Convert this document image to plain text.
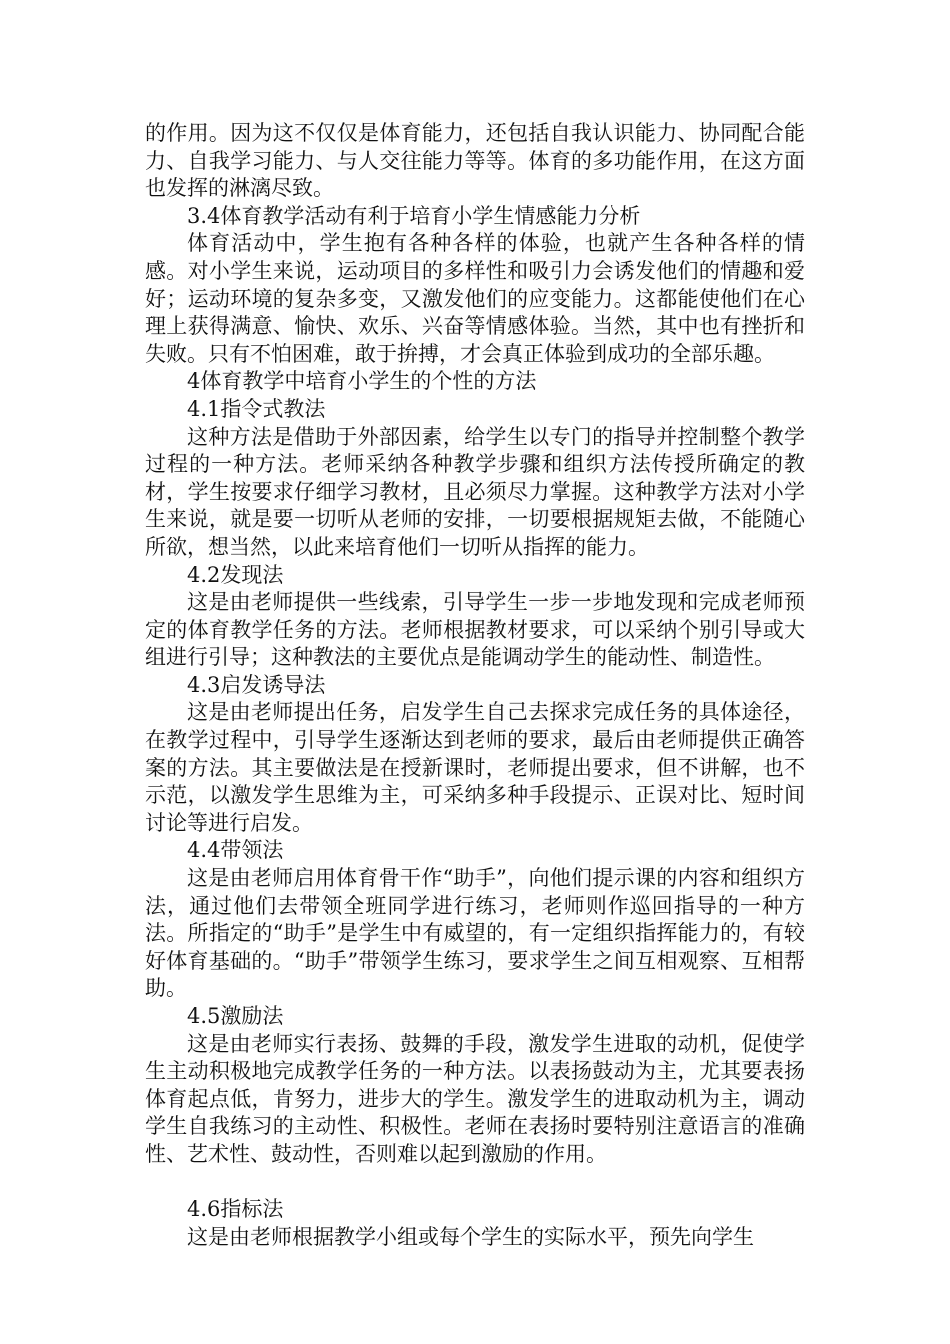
的作用。因为这不仅仅是体育能力，还包括自我认识能力、协同配合能力、自我学习能力、与人交往能力等等。体育的多功能作用，在这方面也发挥的淋漓尽致。

3.4体育教学活动有利于培育小学生情感能力分析

体育活动中，学生抱有各种各样的体验，也就产生各种各样的情感。对小学生来说，运动项目的多样性和吸引力会诱发他们的情趣和爱好；运动环境的复杂多变，又激发他们的应变能力。这都能使他们在心理上获得满意、愉快、欢乐、兴奋等情感体验。当然，其中也有挫折和失败。只有不怕困难，敢于拚搏，才会真正体验到成功的全部乐趣。

4体育教学中培育小学生的个性的方法

4.1指令式教法

这种方法是借助于外部因素，给学生以专门的指导并控制整个教学过程的一种方法。老师采纳各种教学步骤和组织方法传授所确定的教材，学生按要求仔细学习教材，且必须尽力掌握。这种教学方法对小学生来说，就是要一切听从老师的安排，一切要根据规矩去做，不能随心所欲，想当然，以此来培育他们一切听从指挥的能力。

4.2发现法

这是由老师提供一些线索，引导学生一步一步地发现和完成老师预定的体育教学任务的方法。老师根据教材要求，可以采纳个别引导或大组进行引导；这种教法的主要优点是能调动学生的能动性、制造性。

4.3启发诱导法

这是由老师提出任务，启发学生自己去探求完成任务的具体途径，在教学过程中，引导学生逐渐达到老师的要求，最后由老师提供正确答案的方法。其主要做法是在授新课时，老师提出要求，但不讲解，也不示范，以激发学生思维为主，可采纳多种手段提示、正误对比、短时间讨论等进行启发。

4.4带领法

这是由老师启用体育骨干作“助手”，向他们提示课的内容和组织方法，通过他们去带领全班同学进行练习，老师则作巡回指导的一种方法。所指定的“助手”是学生中有威望的，有一定组织指挥能力的，有较好体育基础的。“助手”带领学生练习，要求学生之间互相观察、互相帮助。

4.5激励法

这是由老师实行表扬、鼓舞的手段，激发学生进取的动机，促使学生主动积极地完成教学任务的一种方法。以表扬鼓动为主，尤其要表扬体育起点低，肯努力，进步大的学生。激发学生的进取动机为主，调动学生自我练习的主动性、积极性。老师在表扬时要特别注意语言的准确性、艺术性、鼓动性，否则难以起到激励的作用。

4.6指标法

这是由老师根据教学小组或每个学生的实际水平，预先向学生
